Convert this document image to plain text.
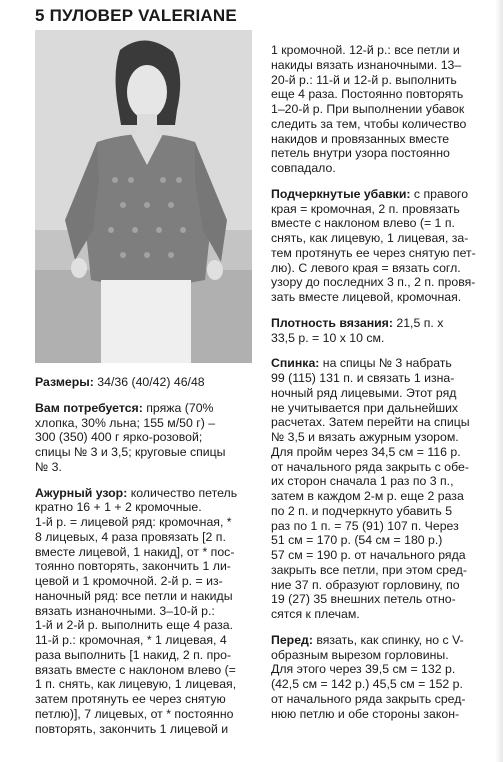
5 ПУЛОВЕР VALERIANE
Размеры: 34/36 (40/42) 46/48
Вам потребуется: пряжа (70%
хлопка, 30% льна; 155 м/50 г) –
300 (350) 400 г ярко-розовой;
спицы № 3 и 3,5; круговые спицы
№ 3.
Ажурный узор: количество петель
кратно 16 + 1 + 2 кромочные.
1-й р. = лицевой ряд: кромочная, *
8 лицевых, 4 раза провязать [2 п.
вместе лицевой, 1 накид], от * пос-
тоянно повторять, закончить 1 ли-
цевой и 1 кромочной. 2-й р. = из-
наночный ряд: все петли и накиды
вязать изнаночными. 3–10-й р.:
1-й и 2-й р. выполнить еще 4 раза.
11-й р.: кромочная, * 1 лицевая, 4
раза выполнить [1 накид, 2 п. про-
вязать вместе с наклоном влево (=
1 п. снять, как лицевую, 1 лицевая,
затем протянуть ее через снятую
петлю)], 7 лицевых, от * постоянно
повторять, закончить 1 лицевой и
1 кромочной. 12-й р.: все петли и
накиды вязать изнаночными. 13–
20-й р.: 11-й и 12-й р. выполнить
еще 4 раза. Постоянно повторять
1–20-й р. При выполнении убавок
следить за тем, чтобы количество
накидов и провязанных вместе
петель внутри узора постоянно
совпадало.
Подчеркнутые убавки: с правого
края = кромочная, 2 п. провязать
вместе с наклоном влево (= 1 п.
снять, как лицевую, 1 лицевая, за-
тем протянуть ее через снятую пет-
лю). С левого края = вязать согл.
узору до последних 3 п., 2 п. провя-
зать вместе лицевой, кромочная.
Плотность вязания: 21,5 п. х
33,5 р. = 10 х 10 см.
Спинка: на спицы № 3 набрать
99 (115) 131 п. и связать 1 изна-
ночный ряд лицевыми. Этот ряд
не учитывается при дальнейших
расчетах. Затем перейти на спицы
№ 3,5 и вязать ажурным узором.
Для пройм через 34,5 см = 116 р.
от начального ряда закрыть с обе-
их сторон сначала 1 раз по 3 п.,
затем в каждом 2-м р. еще 2 раза
по 2 п. и подчеркнуто убавить 5
раз по 1 п. = 75 (91) 107 п. Через
51 см = 170 р. (54 см = 180 р.)
57 см = 190 р. от начального ряда
закрыть все петли, при этом сред-
ние 37 п. образуют горловину, по
19 (27) 35 внешних петель отно-
сятся к плечам.
Перед: вязать, как спинку, но с V-
образным вырезом горловины.
Для этого через 39,5 см = 132 р.
(42,5 см = 142 р.) 45,5 см = 152 р.
от начального ряда закрыть сред-
нюю петлю и обе стороны закон-
